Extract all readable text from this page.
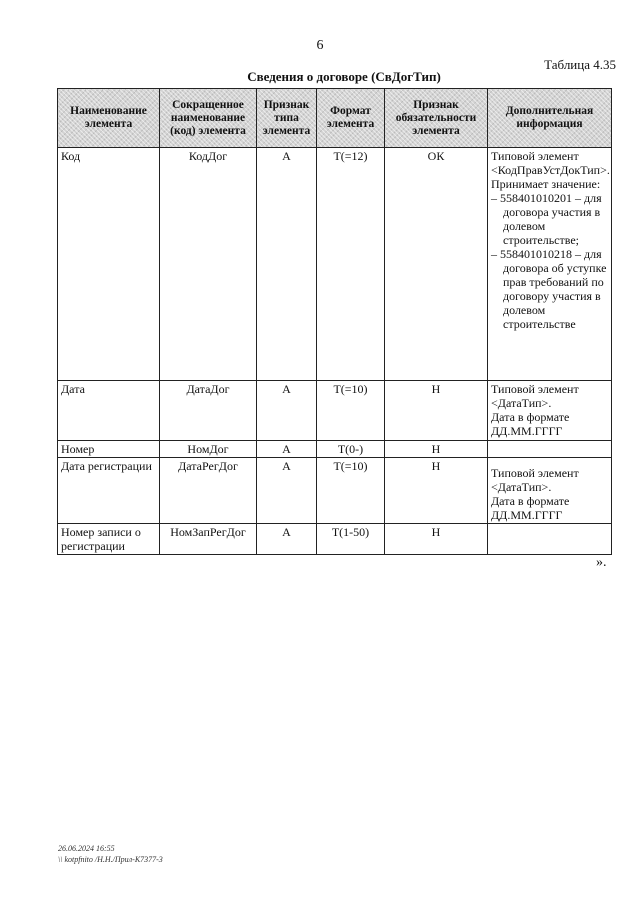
6
Таблица 4.35
Сведения о договоре (СвДогТип)
Наименование элемента	Сокращенное наименование (код) элемента	Признак типа элемента	Формат элемента	Признак обязательности элемента	Дополнительная информация
Код	КодДог	А	Т(=12)	ОК	Типовой элемент <КодПравУстДокТип>.
Принимает значение:
– 558401010201 – для договора участия в долевом строительстве;
– 558401010218 – для договора об уступке прав требований по договору участия в долевом строительстве

Дата	ДатаДог	А	Т(=10)	Н	Типовой элемент <ДатаТип>.
Дата в формате ДД.ММ.ГГГГ

Номер	НомДог	А	Т(0-)	Н	
Дата регистрации	ДатаРегДог	А	Т(=10)	Н	Типовой элемент <ДатаТип>.
Дата в формате ДД.ММ.ГГГГ

Номер записи о регистрации	НомЗапРегДог	А	Т(1-50)	Н	
».
26.06.2024 16:55
\\ kotpfnito /H.H./Прил-К7377-3
